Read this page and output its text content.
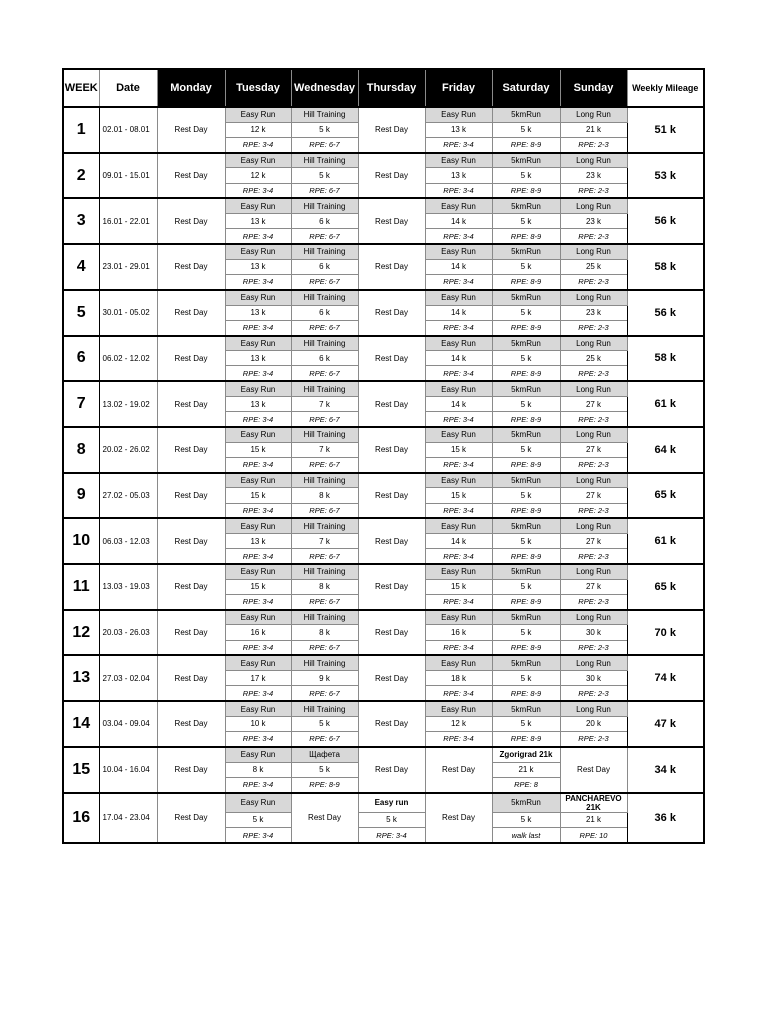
WEEK	Date	Monday	Tuesday	Wednesday	Thursday	Friday	Saturday	Sunday	Weekly Mileage
1	02.01 - 08.01	Rest Day	Easy Run	Hill Training	Rest Day	Easy Run	5kmRun	Long Run	51 k
			12 k	5 k		13 k	5 k	21 k	
			RPE: 3-4	RPE: 6-7		RPE: 3-4	RPE: 8-9	RPE: 2-3	
2	09.01 - 15.01	Rest Day	Easy Run	Hill Training	Rest Day	Easy Run	5kmRun	Long Run	53 k
			12 k	5 k		13 k	5 k	23 k	
			RPE: 3-4	RPE: 6-7		RPE: 3-4	RPE: 8-9	RPE: 2-3	
3	16.01 - 22.01	Rest Day	Easy Run	Hill Training	Rest Day	Easy Run	5kmRun	Long Run	56 k
			13 k	6 k		14 k	5 k	23 k	
			RPE: 3-4	RPE: 6-7		RPE: 3-4	RPE: 8-9	RPE: 2-3	
4	23.01 - 29.01	Rest Day	Easy Run	Hill Training	Rest Day	Easy Run	5kmRun	Long Run	58 k
			13 k	6 k		14 k	5 k	25 k	
			RPE: 3-4	RPE: 6-7		RPE: 3-4	RPE: 8-9	RPE: 2-3	
5	30.01 - 05.02	Rest Day	Easy Run	Hill Training	Rest Day	Easy Run	5kmRun	Long Run	56 k
			13 k	6 k		14 k	5 k	23 k	
			RPE: 3-4	RPE: 6-7		RPE: 3-4	RPE: 8-9	RPE: 2-3	
6	06.02 - 12.02	Rest Day	Easy Run	Hill Training	Rest Day	Easy Run	5kmRun	Long Run	58 k
			13 k	6 k		14 k	5 k	25 k	
			RPE: 3-4	RPE: 6-7		RPE: 3-4	RPE: 8-9	RPE: 2-3	
7	13.02 - 19.02	Rest Day	Easy Run	Hill Training	Rest Day	Easy Run	5kmRun	Long Run	61 k
			13 k	7 k		14 k	5 k	27 k	
			RPE: 3-4	RPE: 6-7		RPE: 3-4	RPE: 8-9	RPE: 2-3	
8	20.02 - 26.02	Rest Day	Easy Run	Hill Training	Rest Day	Easy Run	5kmRun	Long Run	64 k
			15 k	7 k		15 k	5 k	27 k	
			RPE: 3-4	RPE: 6-7		RPE: 3-4	RPE: 8-9	RPE: 2-3	
9	27.02 - 05.03	Rest Day	Easy Run	Hill Training	Rest Day	Easy Run	5kmRun	Long Run	65 k
			15 k	8 k		15 k	5 k	27 k	
			RPE: 3-4	RPE: 6-7		RPE: 3-4	RPE: 8-9	RPE: 2-3	
10	06.03 - 12.03	Rest Day	Easy Run	Hill Training	Rest Day	Easy Run	5kmRun	Long Run	61 k
			13 k	7 k		14 k	5 k	27 k	
			RPE: 3-4	RPE: 6-7		RPE: 3-4	RPE: 8-9	RPE: 2-3	
11	13.03 - 19.03	Rest Day	Easy Run	Hill Training	Rest Day	Easy Run	5kmRun	Long Run	65 k
			15 k	8 k		15 k	5 k	27 k	
			RPE: 3-4	RPE: 6-7		RPE: 3-4	RPE: 8-9	RPE: 2-3	
12	20.03 - 26.03	Rest Day	Easy Run	Hill Training	Rest Day	Easy Run	5kmRun	Long Run	70 k
			16 k	8 k		16 k	5 k	30 k	
			RPE: 3-4	RPE: 6-7		RPE: 3-4	RPE: 8-9	RPE: 2-3	
13	27.03 - 02.04	Rest Day	Easy Run	Hill Training	Rest Day	Easy Run	5kmRun	Long Run	74 k
			17 k	9 k		18 k	5 k	30 k	
			RPE: 3-4	RPE: 6-7		RPE: 3-4	RPE: 8-9	RPE: 2-3	
14	03.04 - 09.04	Rest Day	Easy Run	Hill Training	Rest Day	Easy Run	5kmRun	Long Run	47 k
			10 k	5 k		12 k	5 k	20 k	
			RPE: 3-4	RPE: 6-7		RPE: 3-4	RPE: 8-9	RPE: 2-3	
15	10.04 - 16.04	Rest Day	Easy Run	Щафета	Rest Day	Rest Day	Zgorigrad 21k	Rest Day	34 k
			8 k	5 k			21 k		
			RPE: 3-4	RPE: 8-9			RPE: 8		
16	17.04 - 23.04	Rest Day	Easy Run	Rest Day	Easy run	Rest Day	5kmRun	PANCHAREVO 21K	36 k
			5 k		5 k		5 k	21 k	
			RPE: 3-4		RPE: 3-4		walk last	RPE: 10	
